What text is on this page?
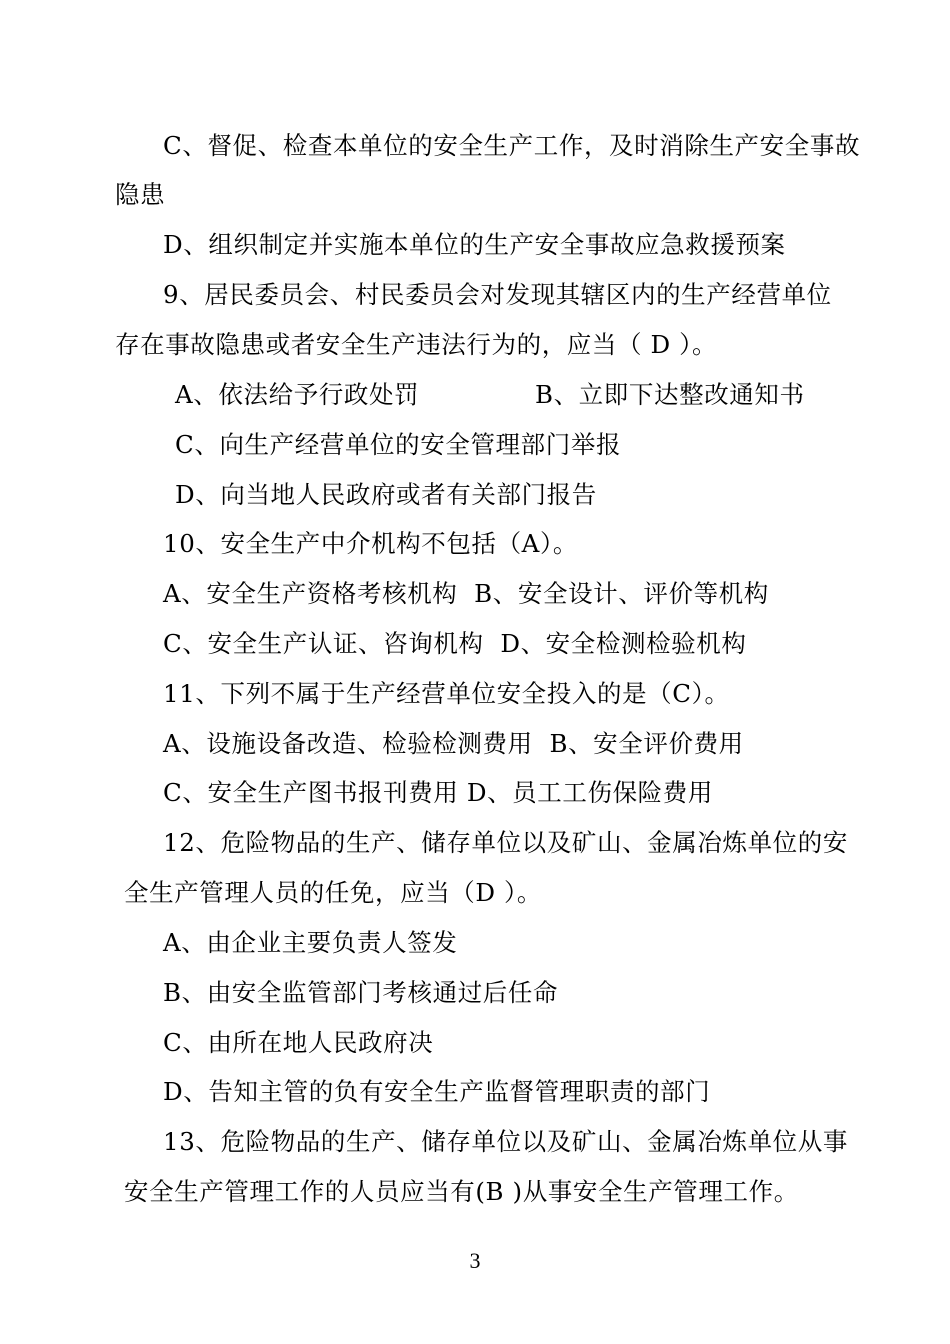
C、督促、检查本单位的安全生产工作，及时消除生产安全事故
隐患
D、组织制定并实施本单位的生产安全事故应急救援预案
9、居民委员会、村民委员会对发现其辖区内的生产经营单位
存在事故隐患或者安全生产违法行为的，应当（ D ）。
A、依法给予行政处罚	B、立即下达整改通知书
C、向生产经营单位的安全管理部门举报
D、向当地人民政府或者有关部门报告
10、安全生产中介机构不包括（A）。
A、安全生产资格考核机构  B、安全设计、评价等机构
C、安全生产认证、咨询机构  D、安全检测检验机构
11、下列不属于生产经营单位安全投入的是（C）。
A、设施设备改造、检验检测费用  B、安全评价费用
C、安全生产图书报刊费用 D、员工工伤保险费用
12、危险物品的生产、储存单位以及矿山、金属冶炼单位的安
全生产管理人员的任免，应当（D ）。
A、由企业主要负责人签发
B、由安全监管部门考核通过后任命
C、由所在地人民政府决
D、告知主管的负有安全生产监督管理职责的部门
13、危险物品的生产、储存单位以及矿山、金属冶炼单位从事
安全生产管理工作的人员应当有(B )从事安全生产管理工作。
3
